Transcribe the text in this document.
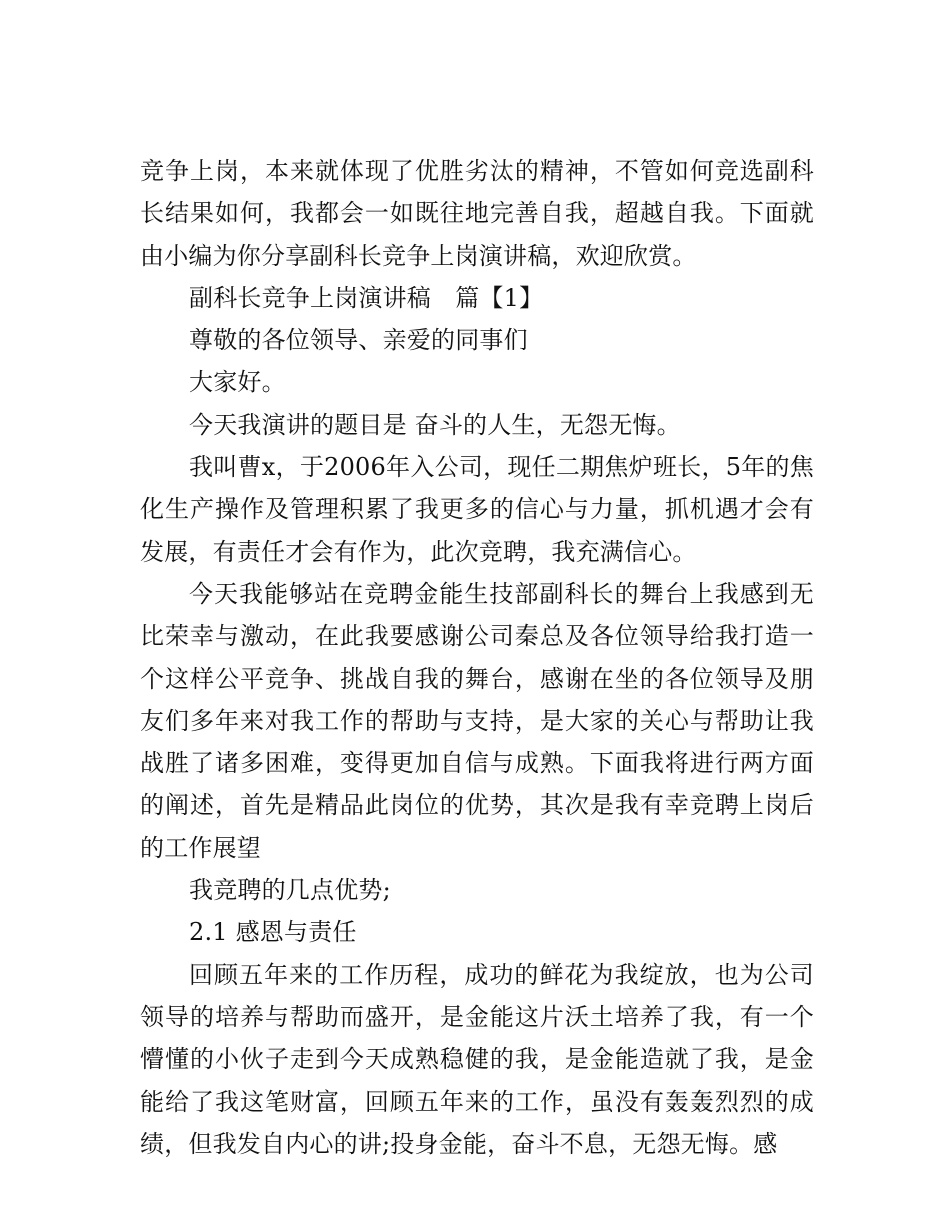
竞争上岗，本来就体现了优胜劣汰的精神，不管如何竞选副科长结果如何，我都会一如既往地完善自我，超越自我。下面就由小编为你分享副科长竞争上岗演讲稿，欢迎欣赏。

副科长竞争上岗演讲稿　篇【1】

尊敬的各位领导、亲爱的同事们

大家好。

今天我演讲的题目是 奋斗的人生，无怨无悔。

我叫曹x，于2006年入公司，现任二期焦炉班长，5年的焦化生产操作及管理积累了我更多的信心与力量，抓机遇才会有发展，有责任才会有作为，此次竞聘，我充满信心。

今天我能够站在竞聘金能生技部副科长的舞台上我感到无比荣幸与激动，在此我要感谢公司秦总及各位领导给我打造一个这样公平竞争、挑战自我的舞台，感谢在坐的各位领导及朋友们多年来对我工作的帮助与支持，是大家的关心与帮助让我战胜了诸多困难，变得更加自信与成熟。下面我将进行两方面的阐述，首先是精品此岗位的优势，其次是我有幸竞聘上岗后的工作展望

我竞聘的几点优势;

2.1 感恩与责任

回顾五年来的工作历程，成功的鲜花为我绽放，也为公司领导的培养与帮助而盛开，是金能这片沃土培养了我，有一个懵懂的小伙子走到今天成熟稳健的我，是金能造就了我，是金能给了我这笔财富，回顾五年来的工作，虽没有轰轰烈烈的成绩，但我发自内心的讲;投身金能，奋斗不息，无怨无悔。感
